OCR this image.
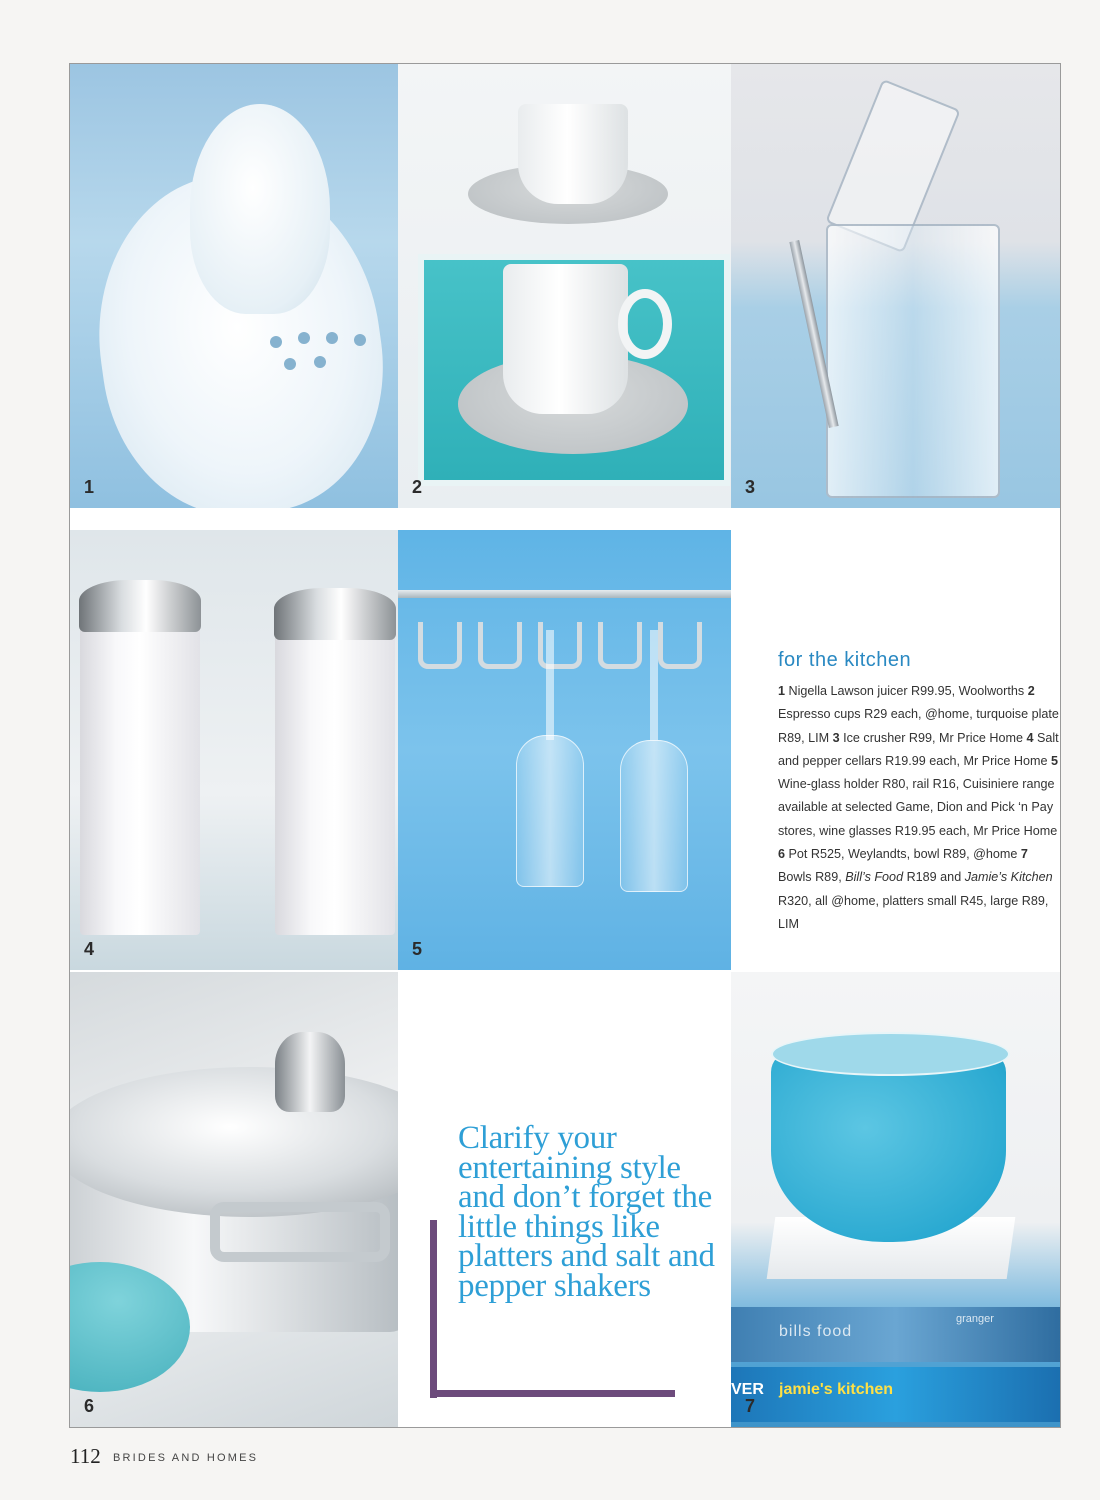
1	2	3
4	5
6
bills food
granger
VER jamie's kitchen
7
for the kitchen
1 Nigella Lawson juicer R99.95, Woolworths 2 Espresso cups R29 each, @home, turquoise plate R89, LIM 3 Ice crusher R99, Mr Price Home 4 Salt and pepper cellars R19.99 each, Mr Price Home 5 Wine-glass holder R80, rail R16, Cuisiniere range available at selected Game, Dion and Pick ‘n Pay stores, wine glasses R19.95 each, Mr Price Home 6 Pot R525, Weylandts, bowl R89, @home 7 Bowls R89, Bill’s Food R189 and Jamie’s Kitchen R320, all @home, platters small R45, large R89, LIM
Clarify your entertaining style and don’t forget the little things like platters and salt and pepper shakers
112 BRIDES AND HOMES
